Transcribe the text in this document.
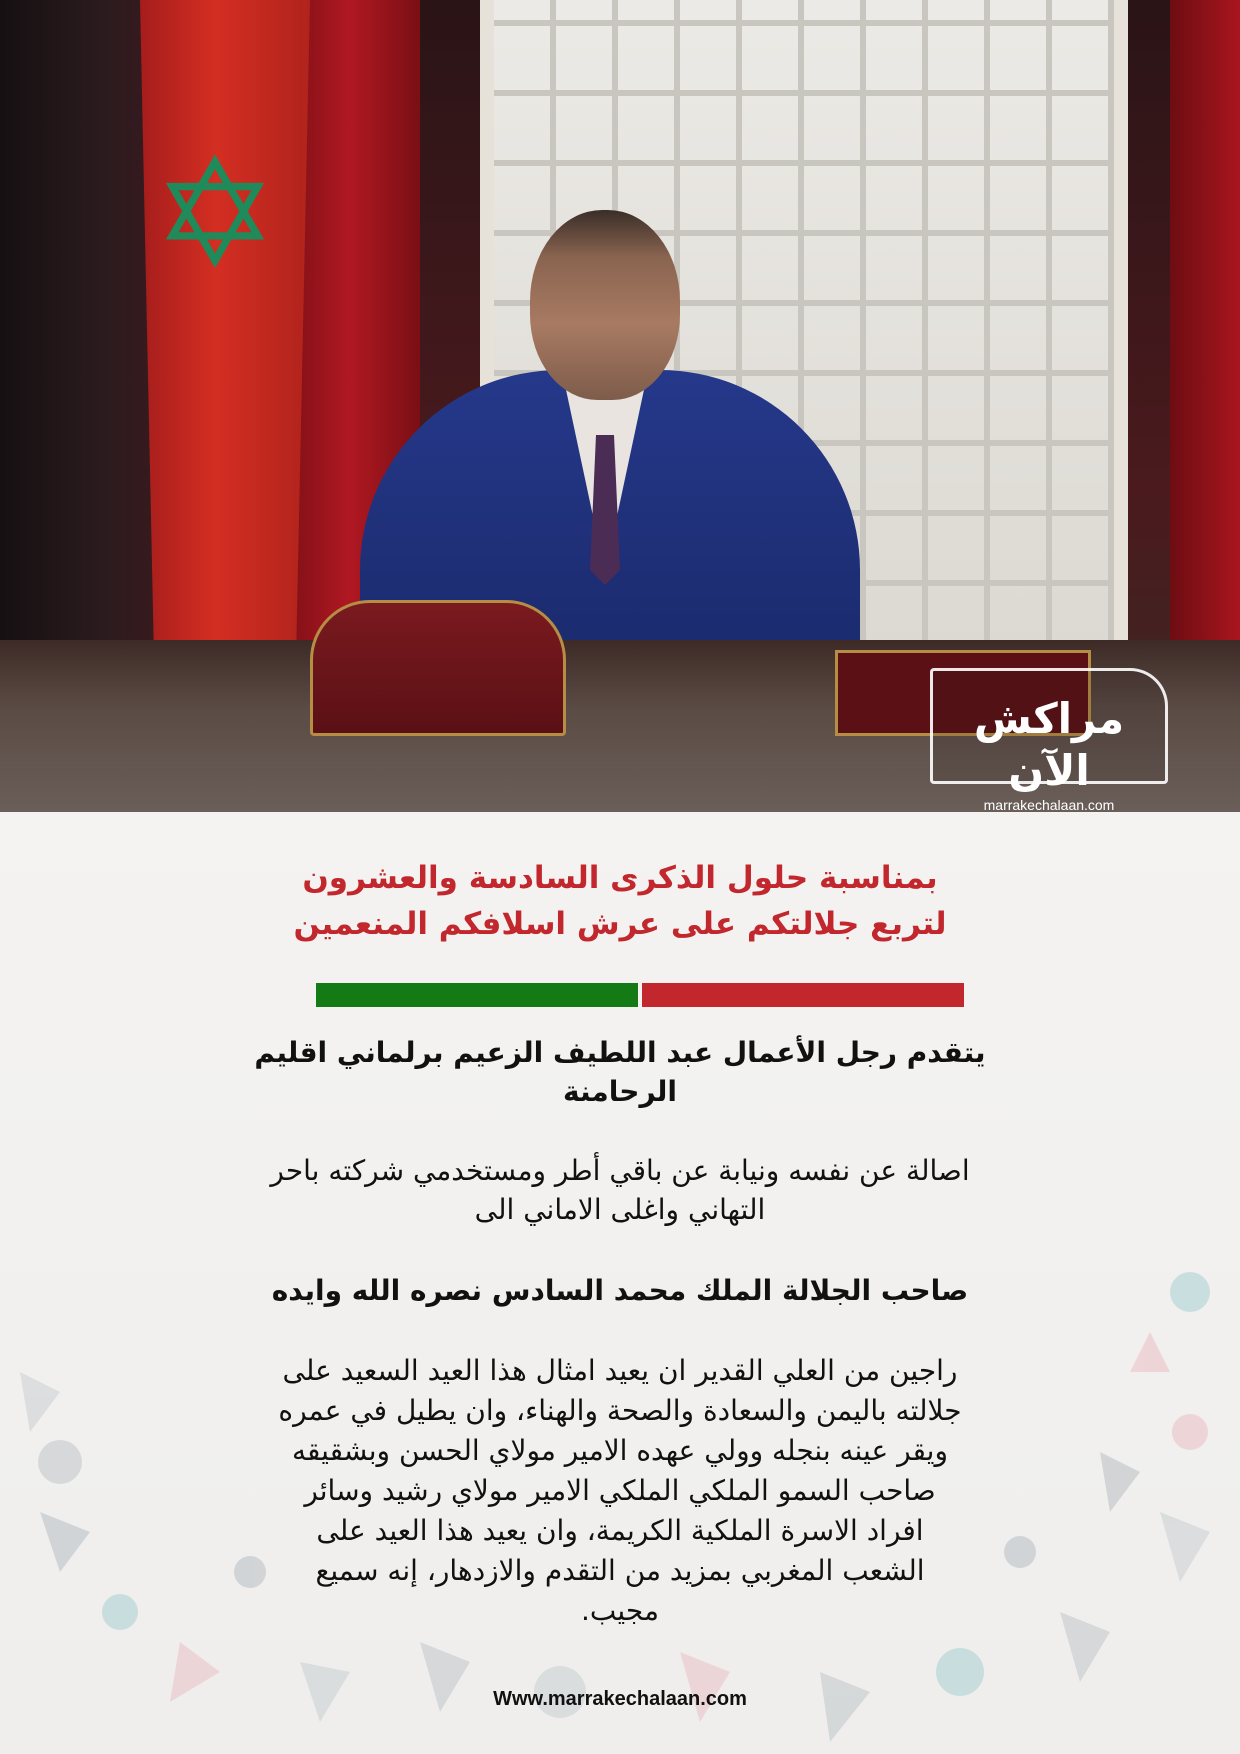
✡
مراكش الآن
marrakechalaan.com
بمناسبة حلول الذكرى السادسة والعشرون
لتربع جلالتكم على عرش اسلافكم المنعمين
يتقدم رجل الأعمال عبد اللطيف الزعيم برلماني اقليم
الرحامنة
اصالة عن نفسه ونيابة عن باقي أطر ومستخدمي شركته باحر
التهاني واغلى الاماني الى
صاحب الجلالة الملك محمد السادس نصره الله وايده
راجين من العلي القدير ان يعيد امثال هذا العيد السعيد على
جلالته باليمن والسعادة والصحة والهناء، وان يطيل في عمره
ويقر عينه بنجله وولي عهده الامير مولاي الحسن وبشقيقه
صاحب السمو الملكي الملكي الامير مولاي رشيد وسائر
افراد الاسرة الملكية الكريمة، وان يعيد هذا العيد على
الشعب المغربي بمزيد من التقدم والازدهار، إنه سميع
مجيب.
Www.marrakechalaan.com
